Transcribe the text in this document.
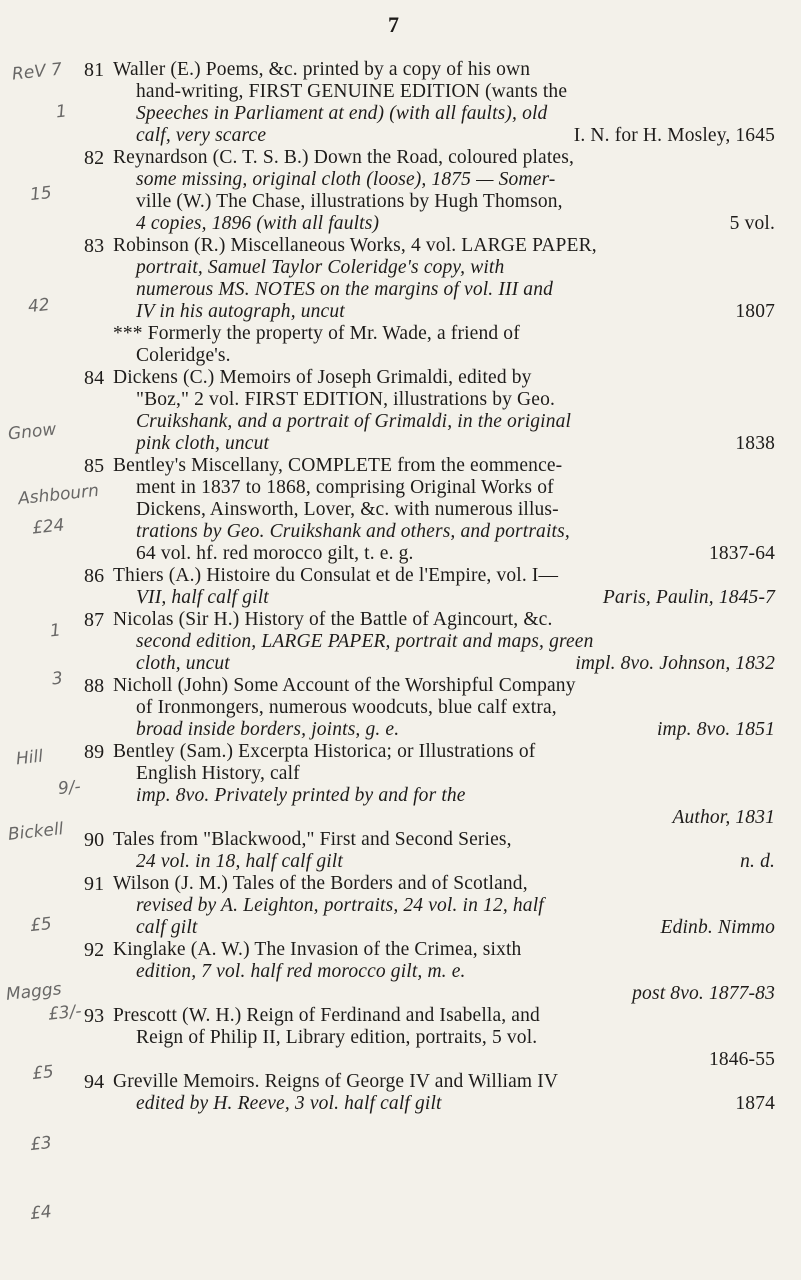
7
ReV 7
1
15
42
Gnow
Ashbourn
£24
1
3
Hill
9/-
Bickell
£5
Maggs
£3/-
£5
£3
£4
81 Waller (E.) Poems, &c. printed by a copy of his own
hand-writing, FIRST GENUINE EDITION (wants the
Speeches in Parliament at end) (with all faults), old
calf, very scarce	I. N. for H. Mosley, 1645
82 Reynardson (C. T. S. B.) Down the Road, coloured plates,
some missing, original cloth (loose), 1875 — Somer-
ville (W.) The Chase, illustrations by Hugh Thomson,
4 copies, 1896 (with all faults)	5 vol.
83 Robinson (R.) Miscellaneous Works, 4 vol. LARGE PAPER,
portrait, Samuel Taylor Coleridge's copy, with
numerous MS. NOTES on the margins of vol. III and
IV in his autograph, uncut	1807
*** Formerly the property of Mr. Wade, a friend of
Coleridge's.
84 Dickens (C.) Memoirs of Joseph Grimaldi, edited by
"Boz," 2 vol. FIRST EDITION, illustrations by Geo.
Cruikshank, and a portrait of Grimaldi, in the original
pink cloth, uncut	1838
85 Bentley's Miscellany, COMPLETE from the eommence-
ment in 1837 to 1868, comprising Original Works of
Dickens, Ainsworth, Lover, &c. with numerous illus-
trations by Geo. Cruikshank and others, and portraits,
64 vol. hf. red morocco gilt, t. e. g.	1837-64
86 Thiers (A.) Histoire du Consulat et de l'Empire, vol. I—
VII, half calf gilt	Paris, Paulin, 1845-7
87 Nicolas (Sir H.) History of the Battle of Agincourt, &c.
second edition, LARGE PAPER, portrait and maps, green
cloth, uncut	impl. 8vo. Johnson, 1832
88 Nicholl (John) Some Account of the Worshipful Company
of Ironmongers, numerous woodcuts, blue calf extra,
broad inside borders, joints, g. e.	imp. 8vo. 1851
89 Bentley (Sam.) Excerpta Historica; or Illustrations of
English History, calf
imp. 8vo. Privately printed by and for the
Author, 1831
90 Tales from "Blackwood," First and Second Series,
24 vol. in 18, half calf gilt	n. d.
91 Wilson (J. M.) Tales of the Borders and of Scotland,
revised by A. Leighton, portraits, 24 vol. in 12, half
calf gilt	Edinb. Nimmo
92 Kinglake (A. W.) The Invasion of the Crimea, sixth
edition, 7 vol. half red morocco gilt, m. e.
post 8vo. 1877-83
93 Prescott (W. H.) Reign of Ferdinand and Isabella, and
Reign of Philip II, Library edition, portraits, 5 vol.
1846-55
94 Greville Memoirs. Reigns of George IV and William IV
edited by H. Reeve, 3 vol. half calf gilt	1874
